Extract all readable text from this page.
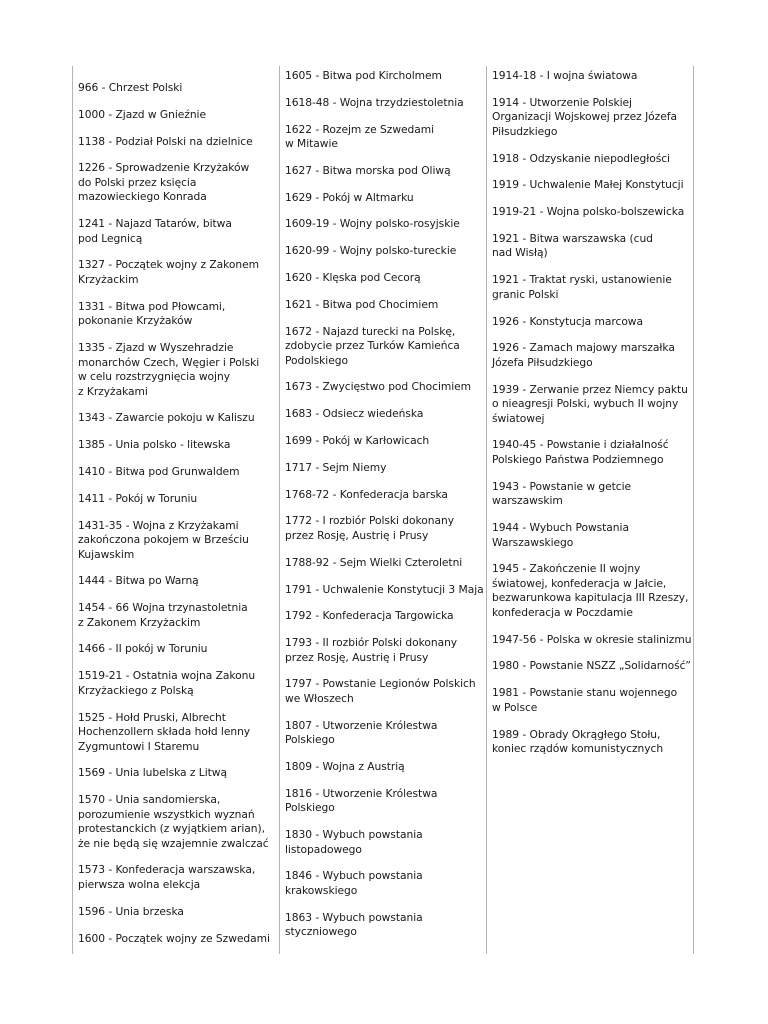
966 - Chrzest Polski
1000 - Zjazd w Gnieźnie
1138 - Podział Polski na dzielnice
1226 - Sprowadzenie Krzyżaków
do Polski przez księcia
mazowieckiego Konrada
1241 - Najazd Tatarów, bitwa
pod Legnicą
1327 - Początek wojny z Zakonem
Krzyżackim
1331 - Bitwa pod Płowcami,
pokonanie Krzyżaków
1335 - Zjazd w Wyszehradzie
monarchów Czech, Węgier i Polski
w celu rozstrzygnięcia wojny
z Krzyżakami
1343 - Zawarcie pokoju w Kaliszu
1385 - Unia polsko - litewska
1410 - Bitwa pod Grunwaldem
1411 - Pokój w Toruniu
1431-35 - Wojna z Krzyżakami
zakończona pokojem w Brześciu
Kujawskim
1444 - Bitwa po Warną
1454 - 66 Wojna trzynastoletnia
z Zakonem Krzyżackim
1466 - II pokój w Toruniu
1519-21 - Ostatnia wojna Zakonu
Krzyżackiego z Polską
1525 - Hołd Pruski, Albrecht
Hochenzollern składa hołd lenny
Zygmuntowi I Staremu
1569 - Unia lubelska z Litwą
1570 - Unia sandomierska,
porozumienie wszystkich wyznań
protestanckich (z wyjątkiem arian),
że nie będą się wzajemnie zwalczać
1573 - Konfederacja warszawska,
pierwsza wolna elekcja
1596 - Unia brzeska
1600 - Początek wojny ze Szwedami
1605 - Bitwa pod Kircholmem
1618-48 - Wojna trzydziestoletnia
1622 - Rozejm ze Szwedami
w Mitawie
1627 - Bitwa morska pod Oliwą
1629 - Pokój w Altmarku
1609-19 - Wojny polsko-rosyjskie
1620-99 - Wojny polsko-tureckie
1620 - Klęska pod Cecorą
1621 - Bitwa pod Chocimiem
1672 - Najazd turecki na Polskę,
zdobycie przez Turków Kamieńca
Podolskiego
1673 - Zwycięstwo pod Chocimiem
1683 - Odsiecz wiedeńska
1699 - Pokój w Karłowicach
1717 - Sejm Niemy
1768-72 - Konfederacja barska
1772 - I rozbiór Polski dokonany
przez Rosję, Austrię i Prusy
1788-92 - Sejm Wielki Czteroletni
1791 - Uchwalenie Konstytucji 3 Maja
1792 - Konfederacja Targowicka
1793 - II rozbiór Polski dokonany
przez Rosję, Austrię i Prusy
1797 - Powstanie Legionów Polskich
we Włoszech
1807 - Utworzenie Królestwa
Polskiego
1809 - Wojna z Austrią
1816 - Utworzenie Królestwa
Polskiego
1830 - Wybuch powstania
listopadowego
1846 - Wybuch powstania
krakowskiego
1863 - Wybuch powstania
styczniowego
1914-18 - I wojna światowa
1914 - Utworzenie Polskiej
Organizacji Wojskowej przez Józefa
Piłsudzkiego
1918 - Odzyskanie niepodległości
1919 - Uchwalenie Małej Konstytucji
1919-21 - Wojna polsko-bolszewicka
1921 - Bitwa warszawska (cud
nad Wisłą)
1921 - Traktat ryski, ustanowienie
granic Polski
1926 - Konstytucja marcowa
1926 - Zamach majowy marszałka
Józefa Piłsudzkiego
1939 - Zerwanie przez Niemcy paktu
o nieagresji Polski, wybuch II wojny
światowej
1940-45 - Powstanie i działalność
Polskiego Państwa Podziemnego
1943 - Powstanie w getcie
warszawskim
1944 - Wybuch Powstania
Warszawskiego
1945 - Zakończenie II wojny
światowej, konfederacja w Jałcie,
bezwarunkowa kapitulacja III Rzeszy,
konfederacja w Poczdamie
1947-56 - Polska w okresie stalinizmu
1980 - Powstanie NSZZ „Solidarność”
1981 - Powstanie stanu wojennego
w Polsce
1989 - Obrady Okrągłego Stołu,
koniec rządów komunistycznych
